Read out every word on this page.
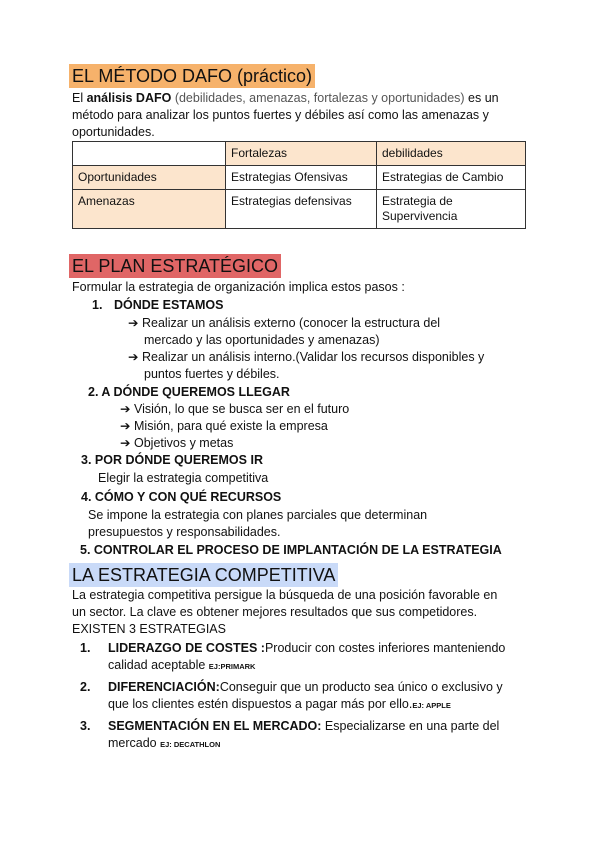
EL MÉTODO DAFO (práctico)
El análisis DAFO (debilidades, amenazas, fortalezas y oportunidades) es un
método para analizar los puntos fuertes y débiles así como las amenazas y
oportunidades.
	Fortalezas	debilidades
Oportunidades	Estrategias Ofensivas	Estrategias de Cambio
Amenazas	Estrategias defensivas	Estrategia de Supervivencia
EL PLAN ESTRATÉGICO
Formular la estrategia de organización implica estos pasos :
1. DÓNDE ESTAMOS
➔ Realizar un análisis externo (conocer la estructura del
mercado y las oportunidades y amenazas)
➔ Realizar un análisis interno.(Validar los recursos disponibles y
puntos fuertes y débiles.
2. A DÓNDE QUEREMOS LLEGAR
➔ Visión, lo que se busca ser en el futuro
➔ Misión, para qué existe la empresa
➔ Objetivos y metas
3. POR DÓNDE QUEREMOS IR
Elegir la estrategia competitiva
4. CÓMO Y CON QUÉ RECURSOS
Se impone la estrategia con planes parciales que determinan
presupuestos y responsabilidades.
5. CONTROLAR EL PROCESO DE IMPLANTACIÓN DE LA ESTRATEGIA
LA ESTRATEGIA COMPETITIVA
La estrategia competitiva persigue la búsqueda de una posición favorable en
un sector. La clave es obtener mejores resultados que sus competidores.
EXISTEN 3 ESTRATEGIAS
1.	LIDERAZGO DE COSTES :Producir con costes inferiores manteniendo
calidad aceptable EJ:PRIMARK
2.	DIFERENCIACIÓN:Conseguir que un producto sea único o exclusivo y
que los clientes estén dispuestos a pagar más por ello.EJ: APPLE
3.	SEGMENTACIÓN EN EL MERCADO: Especializarse en una parte del
mercado EJ: DECATHLON
